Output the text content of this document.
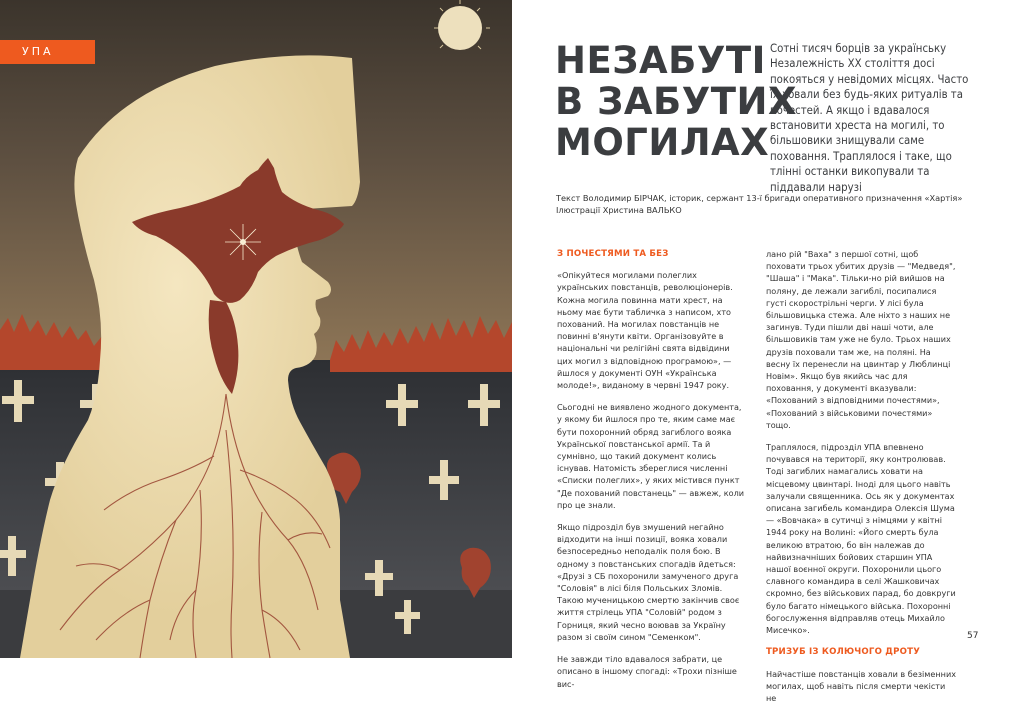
УПА	НЕЗАБУТІ
В ЗАБУТИХ
МОГИЛАХ

Сотні тисяч борців за українську Незалежність XX століття досі покояться у невідомих місцях. Часто їх ховали без будь-яких ритуалів та почестей. А якщо і вдавалося встановити хреста на могилі, то більшовики знищували саме поховання. Траплялося і таке, що тлінні останки викопували та піддавали нарузі

Текст Володимир БІРЧАК, історик, сержант 13-ї бригади оперативного призначення «Хартія»
Ілюстрації Христина ВАЛЬКО
З ПОЧЕСТЯМИ ТА БЕЗ

«Опікуйтеся могилами полеглих українських повстанців, революціонерів. Кожна могила повинна мати хрест, на ньому має бути табличка з написом, хто похований. На могилах повстанців не повинні в'янути квіти. Організовуйте в національні чи релігійні свята відвідини цих могил з відповідною програмою», — йшлося у документі ОУН «Українська молоде!», виданому в червні 1947 року.

Сьогодні не виявлено жодного документа, у якому би йшлося про те, яким саме має бути похоронний обряд загиблого вояка Української повстанської армії. Та й сумнівно, що такий документ колись існував. Натомість збереглися численні «Списки полеглих», у яких містився пункт "Де похований повстанець" — авжеж, коли про це знали.

Якщо підрозділ був змушений негайно відходити на інші позиції, вояка ховали безпосередньо неподалік поля бою. В одному з повстанських спогадів йдеться: «Друзі з СБ похоронили замученого друга "Соловія" в лісі біля Польських Зломів. Такою мученицькою смертю закінчив своє життя стрілець УПА "Соловій" родом з Горниця, який чесно воював за Україну разом зі своїм сином "Семенком".

Не завжди тіло вдавалося забрати, це описано в іншому спогаді: «Трохи пізніше вис-

лано рій "Ваха" з першої сотні, щоб поховати трьох убитих друзів — "Медведя", "Шаша" і "Мака". Тільки-но рій вийшов на поляну, де лежали загиблі, посипалися густі скорострільні черги. У лісі була більшовицька стежа. Але ніхто з наших не загинув. Туди пішли дві наші чоти, але більшовиків там уже не було. Трьох наших друзів поховали там же, на поляні. На весну їх перенесли на цвинтар у Люблинці Новім». Якщо був якийсь час для поховання, у документі вказували: «Похований з відповідними почестями», «Похований з військовими почестями» тощо.

Траплялося, підрозділ УПА впевнено почувався на території, яку контролював. Тоді загиблих намагались ховати на місцевому цвинтарі. Іноді для цього навіть залучали священника. Ось як у документах описана загибель командира Олексія Шума — «Вовчака» в сутичці з німцями у квітні 1944 року на Волині: «Його смерть була великою втратою, бо він належав до найвизначніших бойових старшин УПА нашої воєнної округи. Похоронили цього славного командира в селі Жашковичах скромно, без військових парад, бо довкруги було багато німецького війська. Похоронні богослуження відправляв отець Михайло Мисечко».

ТРИЗУБ ІЗ КОЛЮЧОГО ДРОТУ

Найчастіше повстанців ховали в безіменних могилах, щоб навіть після смерти чекісти не

57
